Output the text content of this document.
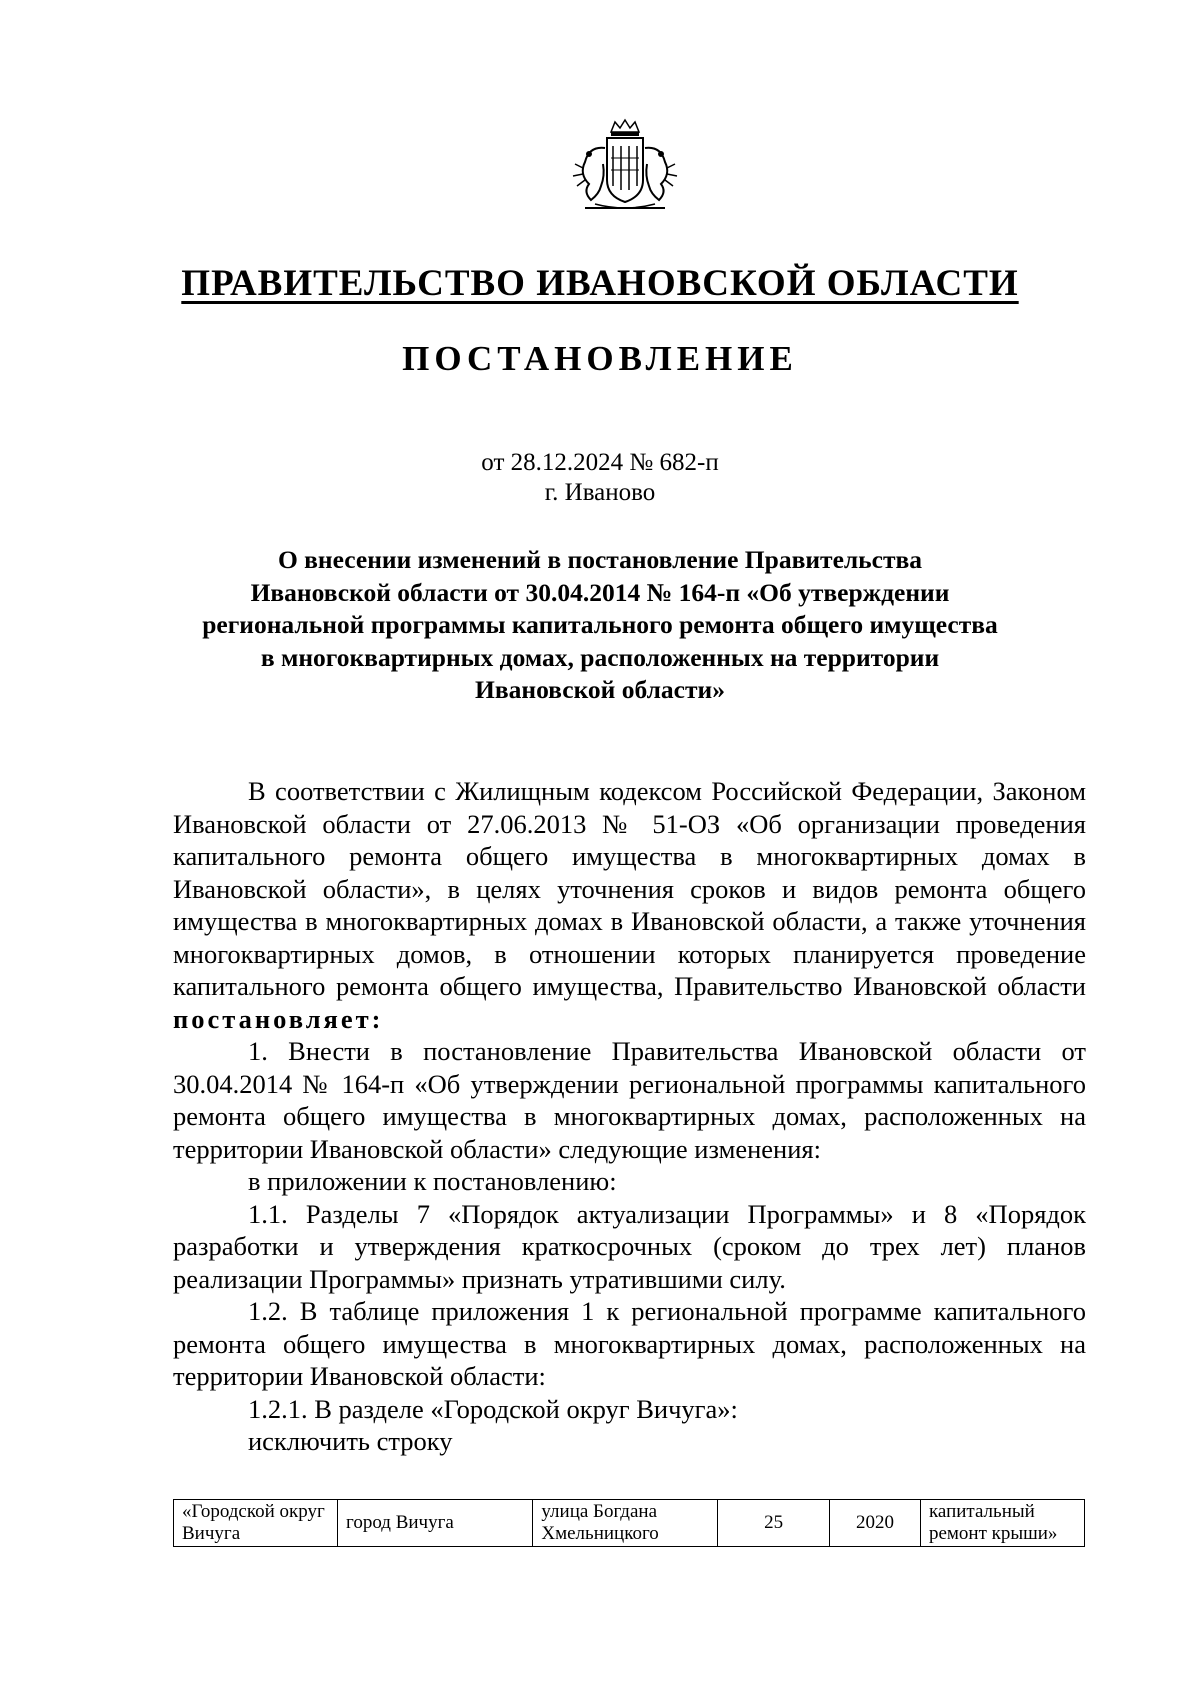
ПРАВИТЕЛЬСТВО ИВАНОВСКОЙ ОБЛАСТИ
ПОСТАНОВЛЕНИЕ
от 28.12.2024 № 682-п
г. Иваново
О внесении изменений в постановление Правительства
Ивановской области от 30.04.2014 № 164-п «Об утверждении
региональной программы капитального ремонта общего имущества
в многоквартирных домах, расположенных на территории
Ивановской области»

В соответствии с Жилищным кодексом Российской Федерации, Законом Ивановской области от 27.06.2013 № 51-ОЗ «Об организации проведения капитального ремонта общего имущества в многоквартирных домах в Ивановской области», в целях уточнения сроков и видов ремонта общего имущества в многоквартирных домах в Ивановской области, а также уточнения многоквартирных домов, в отношении которых планируется проведение капитального ремонта общего имущества, Правительство Ивановской области постановляет:

1. Внести в постановление Правительства Ивановской области от 30.04.2014 № 164-п «Об утверждении региональной программы капитального ремонта общего имущества в многоквартирных домах, расположенных на территории Ивановской области» следующие изменения:

в приложении к постановлению:

1.1. Разделы 7 «Порядок актуализации Программы» и 8 «Порядок разработки и утверждения краткосрочных (сроком до трех лет) планов реализации Программы» признать утратившими силу.

1.2. В таблице приложения 1 к региональной программе капитального ремонта общего имущества в многоквартирных домах, расположенных на территории Ивановской области:

1.2.1. В разделе «Городской округ Вичуга»:

исключить строку

«Городской округ Вичуга	город Вичуга	улица Богдана Хмельницкого	25	2020	капитальный ремонт крыши»
